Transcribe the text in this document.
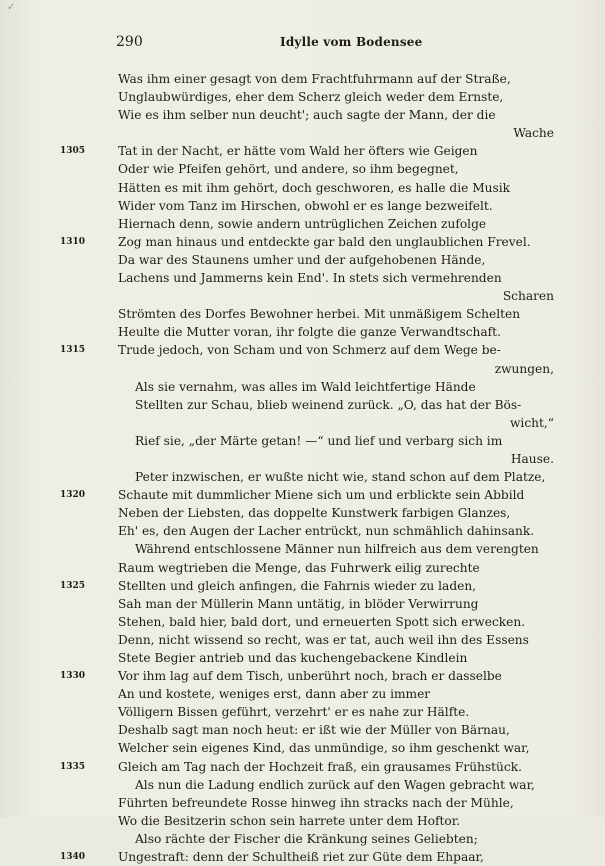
✓
290	Idylle vom Bodensee
Was ihm einer gesagt von dem Frachtfuhrmann auf der Straße,
Unglaubwürdiges, eher dem Scherz gleich weder dem Ernste,
Wie es ihm selber nun deucht'; auch sagte der Mann, der die
Wache
1305	Tat in der Nacht, er hätte vom Wald her öfters wie Geigen
Oder wie Pfeifen gehört, und andere, so ihm begegnet,
Hätten es mit ihm gehört, doch geschworen, es halle die Musik
Wider vom Tanz im Hirschen, obwohl er es lange bezweifelt.
Hiernach denn, sowie andern untrüglichen Zeichen zufolge
1310	Zog man hinaus und entdeckte gar bald den unglaublichen Frevel.
Da war des Staunens umher und der aufgehobenen Hände,
Lachens und Jammerns kein End'. In stets sich vermehrenden
Scharen
Strömten des Dorfes Bewohner herbei. Mit unmäßigem Schelten
Heulte die Mutter voran, ihr folgte die ganze Verwandtschaft.
1315	Trude jedoch, von Scham und von Schmerz auf dem Wege be-
zwungen,
Als sie vernahm, was alles im Wald leichtfertige Hände
Stellten zur Schau, blieb weinend zurück. „O, das hat der Bös-
wicht,“
Rief sie, „der Märte getan! —“ und lief und verbarg sich im
Hause.
Peter inzwischen, er wußte nicht wie, stand schon auf dem Platze,
1320	Schaute mit dummlicher Miene sich um und erblickte sein Abbild
Neben der Liebsten, das doppelte Kunstwerk farbigen Glanzes,
Eh' es, den Augen der Lacher entrückt, nun schmählich dahinsank.
Während entschlossene Männer nun hilfreich aus dem verengten
Raum wegtrieben die Menge, das Fuhrwerk eilig zurechte
1325	Stellten und gleich anfingen, die Fahrnis wieder zu laden,
Sah man der Müllerin Mann untätig, in blöder Verwirrung
Stehen, bald hier, bald dort, und erneuerten Spott sich erwecken.
Denn, nicht wissend so recht, was er tat, auch weil ihn des Essens
Stete Begier antrieb und das kuchengebackene Kindlein
1330	Vor ihm lag auf dem Tisch, unberührt noch, brach er dasselbe
An und kostete, weniges erst, dann aber zu immer
Völligern Bissen geführt, verzehrt' er es nahe zur Hälfte.
Deshalb sagt man noch heut: er ißt wie der Müller von Bärnau,
Welcher sein eigenes Kind, das unmündige, so ihm geschenkt war,
1335	Gleich am Tag nach der Hochzeit fraß, ein grausames Frühstück.
Als nun die Ladung endlich zurück auf den Wagen gebracht war,
Führten befreundete Rosse hinweg ihn stracks nach der Mühle,
Wo die Besitzerin schon sein harrete unter dem Hoftor.
Also rächte der Fischer die Kränkung seines Geliebten;
1340	Ungestraft: denn der Schultheiß riet zur Güte dem Ehpaar,
